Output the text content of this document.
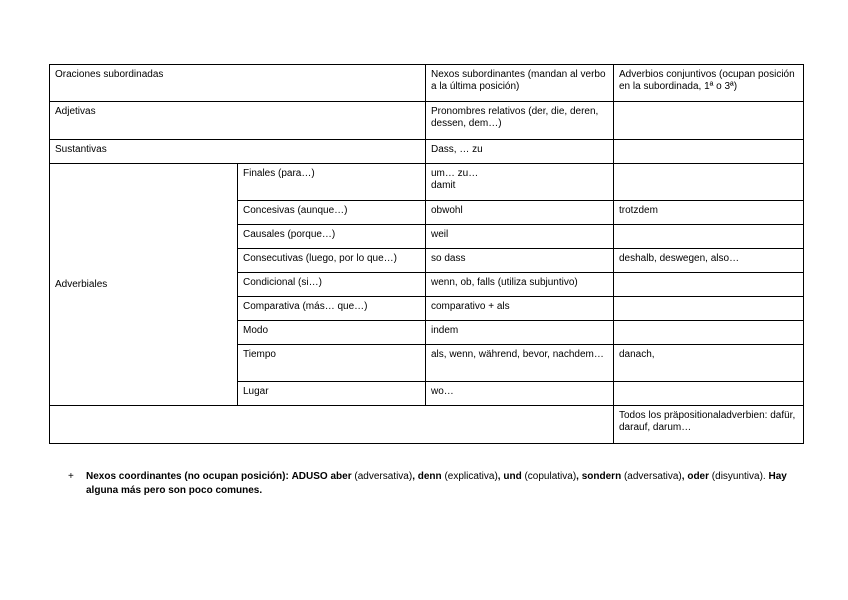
Oraciones subordinadas		Nexos subordinantes (mandan al verbo a la última posición)	Adverbios conjuntivos (ocupan posición en la subordinada, 1ª o 3ª)
Adjetivas		Pronombres relativos (der, die, deren, dessen, dem…)	
Sustantivas		Dass, … zu	
Adverbiales	Finales (para…)	um… zu…
damit	
	Concesivas (aunque…)	obwohl	trotzdem
	Causales (porque…)	weil	
	Consecutivas (luego, por lo que…)	so dass	deshalb, deswegen, also…
	Condicional (si…)	wenn, ob, falls (utiliza subjuntivo)	
	Comparativa (más… que…)	comparativo + als	
	Modo	indem	
	Tiempo	als, wenn, während, bevor, nachdem…	danach,
	Lugar	wo…	
			Todos los präpositionaladverbien: dafür, darauf, darum…
+ Nexos coordinantes (no ocupan posición): ADUSO aber (adversativa), denn (explicativa), und (copulativa), sondern (adversativa), oder (disyuntiva). Hay alguna más pero son poco comunes.
